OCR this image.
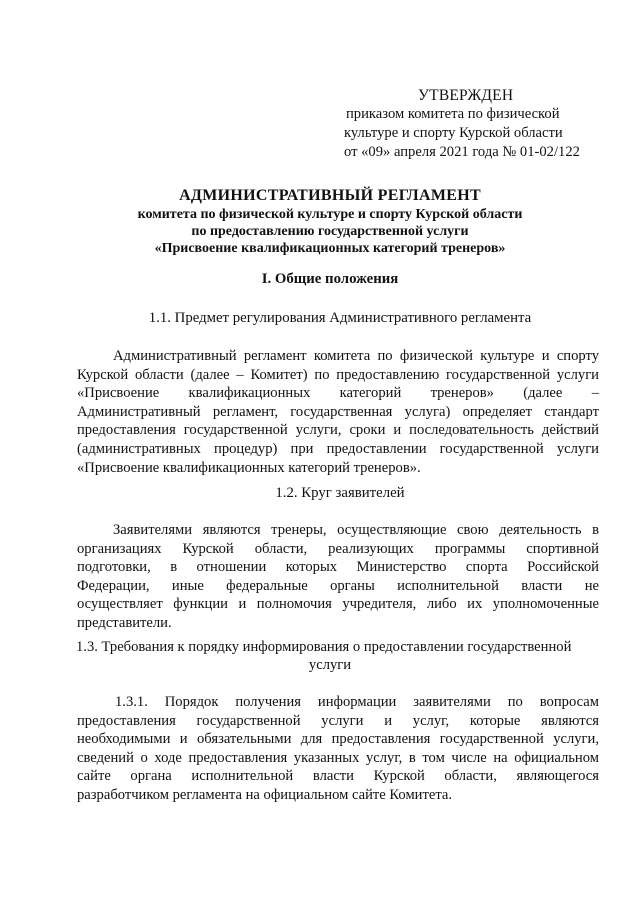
УТВЕРЖДЕН
приказом комитета по физической
культуре и спорту Курской области
от «09» апреля 2021 года № 01-02/122
АДМИНИСТРАТИВНЫЙ РЕГЛАМЕНТ
комитета по физической культуре и спорту Курской области
по предоставлению государственной услуги
«Присвоение квалификационных категорий тренеров»
I. Общие положения
1.1. Предмет регулирования Административного регламента
Административный регламент комитета по физической культуре и спорту
Курской области (далее – Комитет) по предоставлению государственной услуги
«Присвоение квалификационных категорий тренеров» (далее –
Административный регламент, государственная услуга) определяет стандарт
предоставления государственной услуги, сроки и последовательность действий
(административных процедур) при предоставлении государственной услуги
«Присвоение квалификационных категорий тренеров».
1.2. Круг заявителей
Заявителями являются тренеры, осуществляющие свою деятельность в
организациях Курской области, реализующих программы спортивной
подготовки, в отношении которых Министерство спорта Российской
Федерации, иные федеральные органы исполнительной власти не
осуществляет функции и полномочия учредителя, либо их уполномоченные
представители.
1.3. Требования к порядку информирования о предоставлении государственной
услуги
1.3.1. Порядок получения информации заявителями по вопросам
предоставления государственной услуги и услуг, которые являются
необходимыми и обязательными для предоставления государственной услуги,
сведений о ходе предоставления указанных услуг, в том числе на официальном
сайте органа исполнительной власти Курской области, являющегося
разработчиком регламента на официальном сайте Комитета.
